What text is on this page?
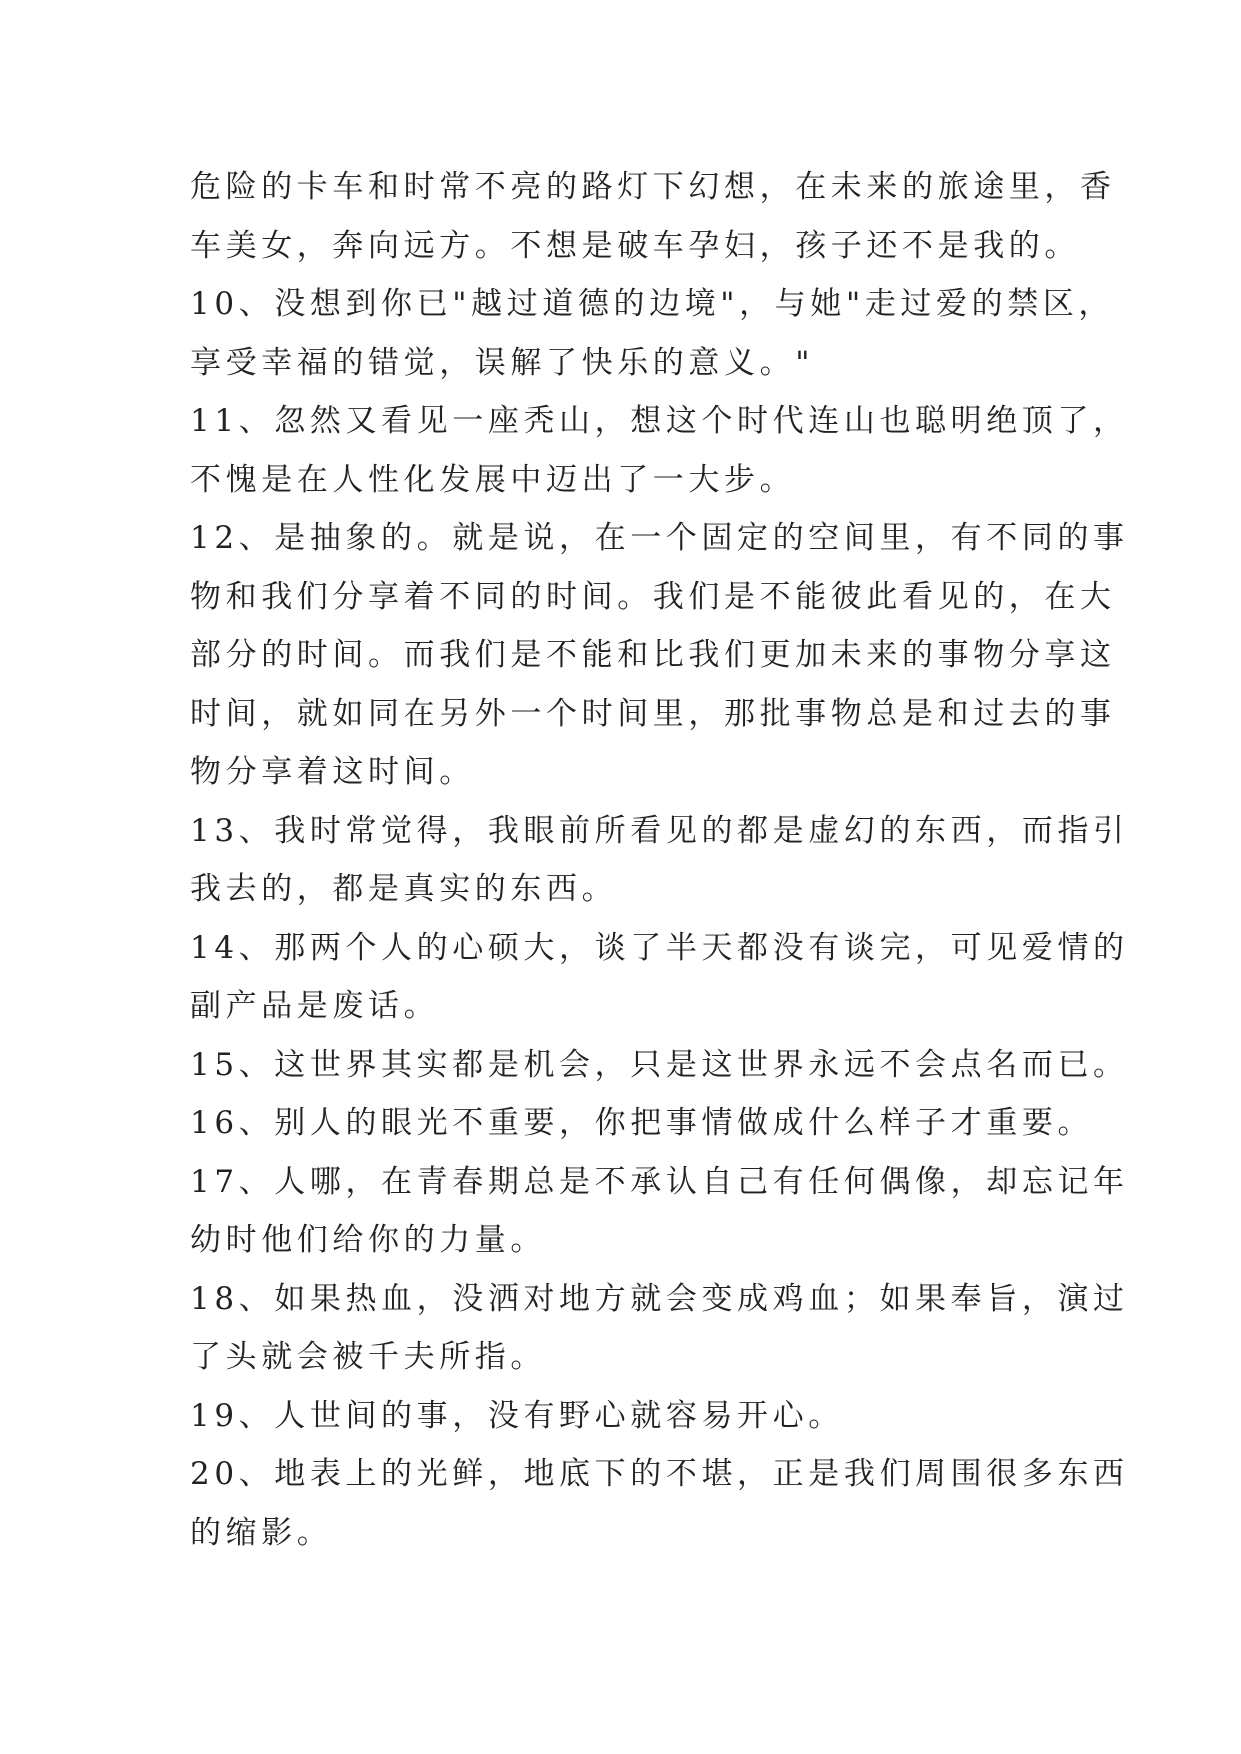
危险的卡车和时常不亮的路灯下幻想，在未来的旅途里，香
车美女，奔向远方。不想是破车孕妇，孩子还不是我的。
10、没想到你已"越过道德的边境"，与她"走过爱的禁区，
享受幸福的错觉，误解了快乐的意义。"
11、忽然又看见一座秃山，想这个时代连山也聪明绝顶了，
不愧是在人性化发展中迈出了一大步。
12、是抽象的。就是说，在一个固定的空间里，有不同的事
物和我们分享着不同的时间。我们是不能彼此看见的，在大
部分的时间。而我们是不能和比我们更加未来的事物分享这
时间，就如同在另外一个时间里，那批事物总是和过去的事
物分享着这时间。
13、我时常觉得，我眼前所看见的都是虚幻的东西，而指引
我去的，都是真实的东西。
14、那两个人的心硕大，谈了半天都没有谈完，可见爱情的
副产品是废话。
15、这世界其实都是机会，只是这世界永远不会点名而已。
16、别人的眼光不重要，你把事情做成什么样子才重要。
17、人哪，在青春期总是不承认自己有任何偶像，却忘记年
幼时他们给你的力量。
18、如果热血，没洒对地方就会变成鸡血；如果奉旨，演过
了头就会被千夫所指。
19、人世间的事，没有野心就容易开心。
20、地表上的光鲜，地底下的不堪，正是我们周围很多东西
的缩影。
